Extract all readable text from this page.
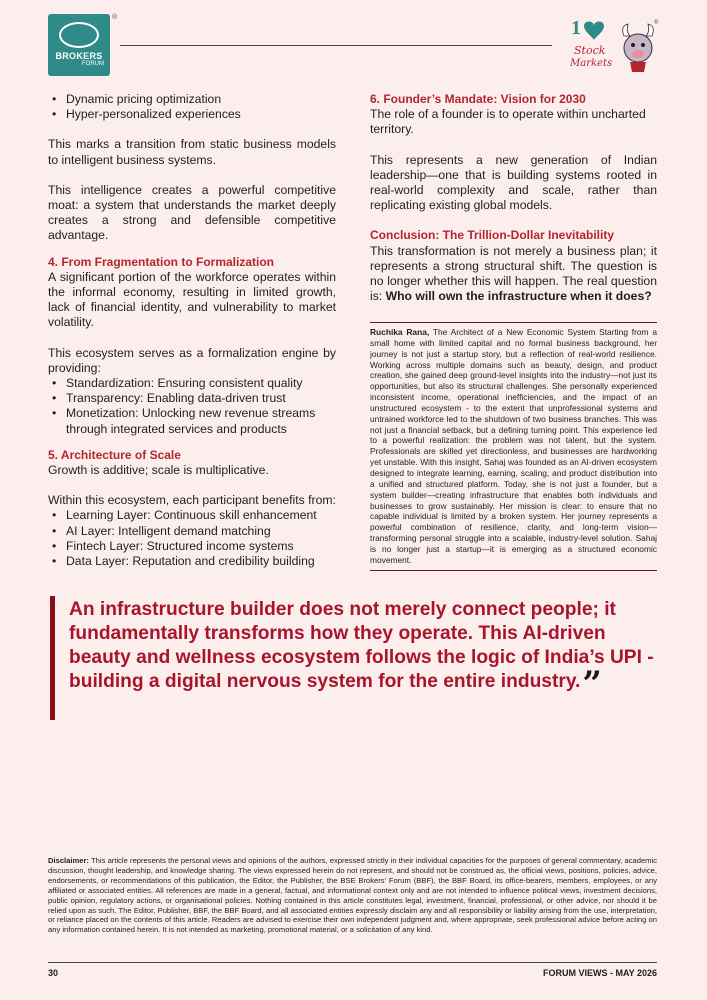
BROKERS
FORUM
®	1
Stock
Markets
®
• Dynamic pricing optimization
• Hyper-personalized experiences

This marks a transition from static business models to intelligent business systems.

This intelligence creates a powerful competitive moat: a system that understands the market deeply creates a strong and defensible competitive advantage.

4. From Fragmentation to Formalization

A significant portion of the workforce operates within the informal economy, resulting in limited growth, lack of financial identity, and vulnerability to market volatility.

This ecosystem serves as a formalization engine by providing:

• Standardization: Ensuring consistent quality
• Transparency: Enabling data-driven trust
• Monetization: Unlocking new revenue streams through integrated services and products

5. Architecture of Scale

Growth is additive; scale is multiplicative.

Within this ecosystem, each participant benefits from:

• Learning Layer: Continuous skill enhancement
• AI Layer: Intelligent demand matching
• Fintech Layer: Structured income systems
• Data Layer: Reputation and credibility building

6. Founder’s Mandate: Vision for 2030

The role of a founder is to operate within uncharted territory.

This represents a new generation of Indian leadership—one that is building systems rooted in real-world complexity and scale, rather than replicating existing global models.

Conclusion: The Trillion-Dollar Inevitability

This transformation is not merely a business plan; it represents a strong structural shift. The question is no longer whether this will happen. The real question is: Who will own the infrastructure when it does?

Ruchika Rana, The Architect of a New Economic System Starting from a small home with limited capital and no formal business background, her journey is not just a startup story, but a reflection of real-world resilience. Working across multiple domains such as beauty, design, and product creation, she gained deep ground-level insights into the industry—not just its opportunities, but also its structural challenges. She personally experienced inconsistent income, operational inefficiencies, and the impact of an unstructured ecosystem - to the extent that unprofessional systems and untrained workforce led to the shutdown of two business branches. This was not just a financial setback, but a defining turning point. This experience led to a powerful realization: the problem was not talent, but the system. Professionals are skilled yet directionless, and businesses are hardworking yet unstable. With this insight, Sahaj was founded as an AI-driven ecosystem designed to integrate learning, earning, scaling, and product distribution into a unified and structured platform. Today, she is not just a founder, but a system builder—creating infrastructure that enables both individuals and businesses to grow sustainably. Her mission is clear: to ensure that no capable individual is limited by a broken system. Her journey represents a powerful combination of resilience, clarity, and long-term vision—transforming personal struggle into a scalable, industry-level solution. Sahaj is no longer just a startup—it is emerging as a structured economic movement.
An infrastructure builder does not merely connect people; it fundamentally transforms how they operate. This AI-driven beauty and wellness ecosystem follows the logic of India’s UPI - building a digital nervous system for the entire industry.”
Disclaimer: This article represents the personal views and opinions of the authors, expressed strictly in their individual capacities for the purposes of general commentary, academic discussion, thought leadership, and knowledge sharing. The views expressed herein do not represent, and should not be construed as, the official views, positions, policies, advice, endorsements, or recommendations of this publication, the Editor, the Publisher, the BSE Brokers’ Forum (BBF), the BBF Board, its office-bearers, members, employees, or any affiliated or associated entities. All references are made in a general, factual, and informational context only and are not intended to influence political views, investment decisions, public opinion, regulatory actions, or organisational policies. Nothing contained in this article constitutes legal, investment, financial, professional, or other advice, nor should it be relied upon as such. The Editor, Publisher, BBF, the BBF Board, and all associated entities expressly disclaim any and all responsibility or liability arising from the use, interpretation, or reliance placed on the contents of this article. Readers are advised to exercise their own independent judgment and, where appropriate, seek professional advice before acting on any information contained herein. It is not intended as marketing, promotional material, or a solicitation of any kind.
30	FORUM VIEWS - MAY 2026
